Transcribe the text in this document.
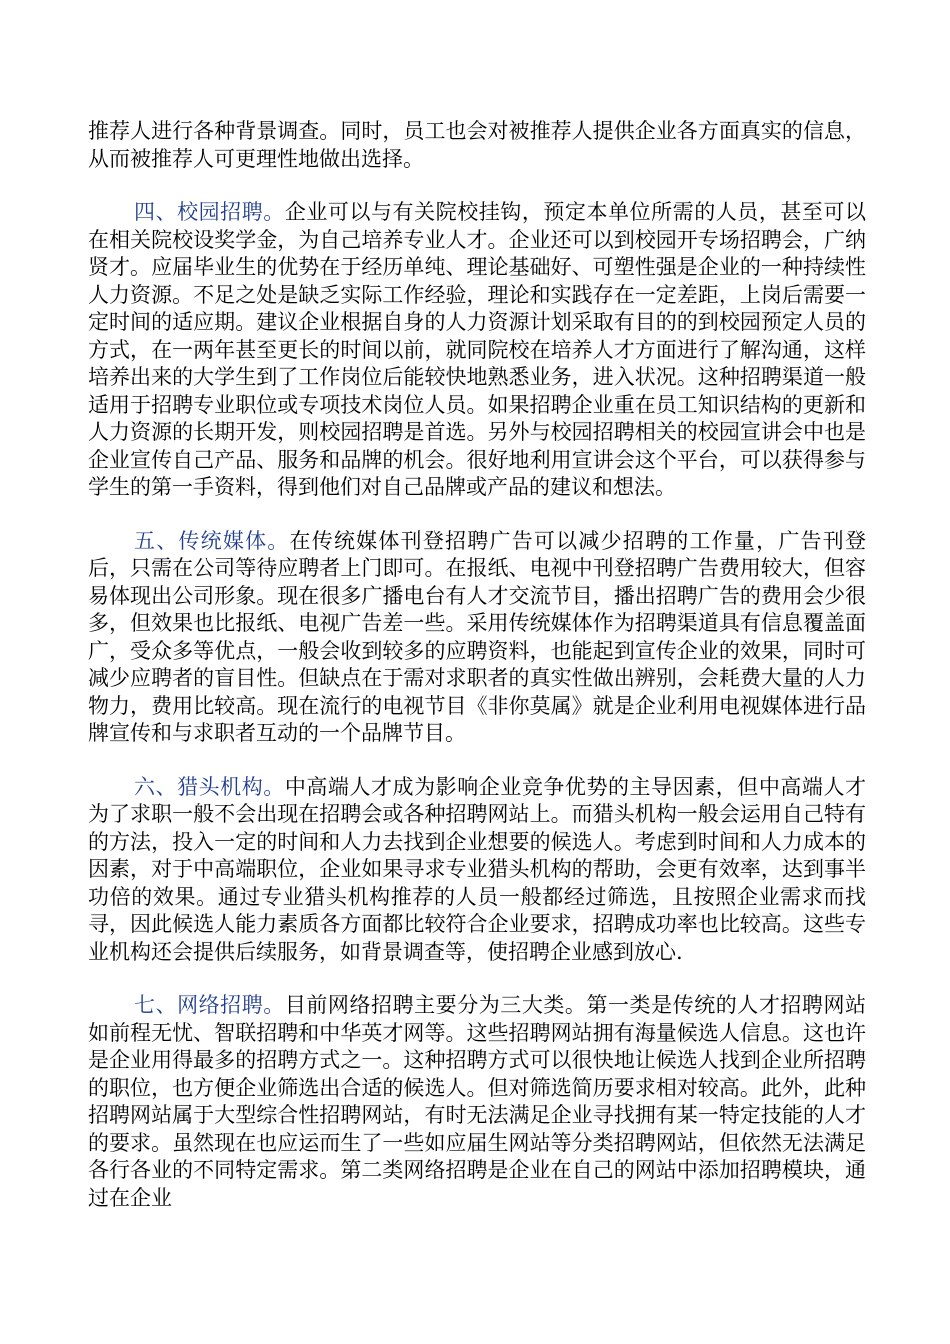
推荐人进行各种背景调查。同时，员工也会对被推荐人提供企业各方面真实的信息，从而被推荐人可更理性地做出选择。

四、校园招聘。企业可以与有关院校挂钩，预定本单位所需的人员，甚至可以在相关院校设奖学金，为自己培养专业人才。企业还可以到校园开专场招聘会，广纳贤才。应届毕业生的优势在于经历单纯、理论基础好、可塑性强是企业的一种持续性人力资源。不足之处是缺乏实际工作经验，理论和实践存在一定差距，上岗后需要一定时间的适应期。建议企业根据自身的人力资源计划采取有目的的到校园预定人员的方式，在一两年甚至更长的时间以前，就同院校在培养人才方面进行了解沟通，这样培养出来的大学生到了工作岗位后能较快地熟悉业务，进入状况。这种招聘渠道一般适用于招聘专业职位或专项技术岗位人员。如果招聘企业重在员工知识结构的更新和人力资源的长期开发，则校园招聘是首选。另外与校园招聘相关的校园宣讲会中也是企业宣传自己产品、服务和品牌的机会。很好地利用宣讲会这个平台，可以获得参与学生的第一手资料，得到他们对自己品牌或产品的建议和想法。

五、传统媒体。在传统媒体刊登招聘广告可以减少招聘的工作量，广告刊登后，只需在公司等待应聘者上门即可。在报纸、电视中刊登招聘广告费用较大，但容易体现出公司形象。现在很多广播电台有人才交流节目，播出招聘广告的费用会少很多，但效果也比报纸、电视广告差一些。采用传统媒体作为招聘渠道具有信息覆盖面广，受众多等优点，一般会收到较多的应聘资料，也能起到宣传企业的效果，同时可减少应聘者的盲目性。但缺点在于需对求职者的真实性做出辨别，会耗费大量的人力物力，费用比较高。现在流行的电视节目《非你莫属》就是企业利用电视媒体进行品牌宣传和与求职者互动的一个品牌节目。

六、猎头机构。中高端人才成为影响企业竞争优势的主导因素，但中高端人才为了求职一般不会出现在招聘会或各种招聘网站上。而猎头机构一般会运用自己特有的方法，投入一定的时间和人力去找到企业想要的候选人。考虑到时间和人力成本的因素，对于中高端职位，企业如果寻求专业猎头机构的帮助，会更有效率，达到事半功倍的效果。通过专业猎头机构推荐的人员一般都经过筛选，且按照企业需求而找寻，因此候选人能力素质各方面都比较符合企业要求，招聘成功率也比较高。这些专业机构还会提供后续服务，如背景调查等，使招聘企业感到放心.

七、网络招聘。目前网络招聘主要分为三大类。第一类是传统的人才招聘网站如前程无忧、智联招聘和中华英才网等。这些招聘网站拥有海量候选人信息。这也许是企业用得最多的招聘方式之一。这种招聘方式可以很快地让候选人找到企业所招聘的职位，也方便企业筛选出合适的候选人。但对筛选简历要求相对较高。此外，此种招聘网站属于大型综合性招聘网站，有时无法满足企业寻找拥有某一特定技能的人才的要求。虽然现在也应运而生了一些如应届生网站等分类招聘网站，但依然无法满足各行各业的不同特定需求。第二类网络招聘是企业在自己的网站中添加招聘模块，通过在企业
